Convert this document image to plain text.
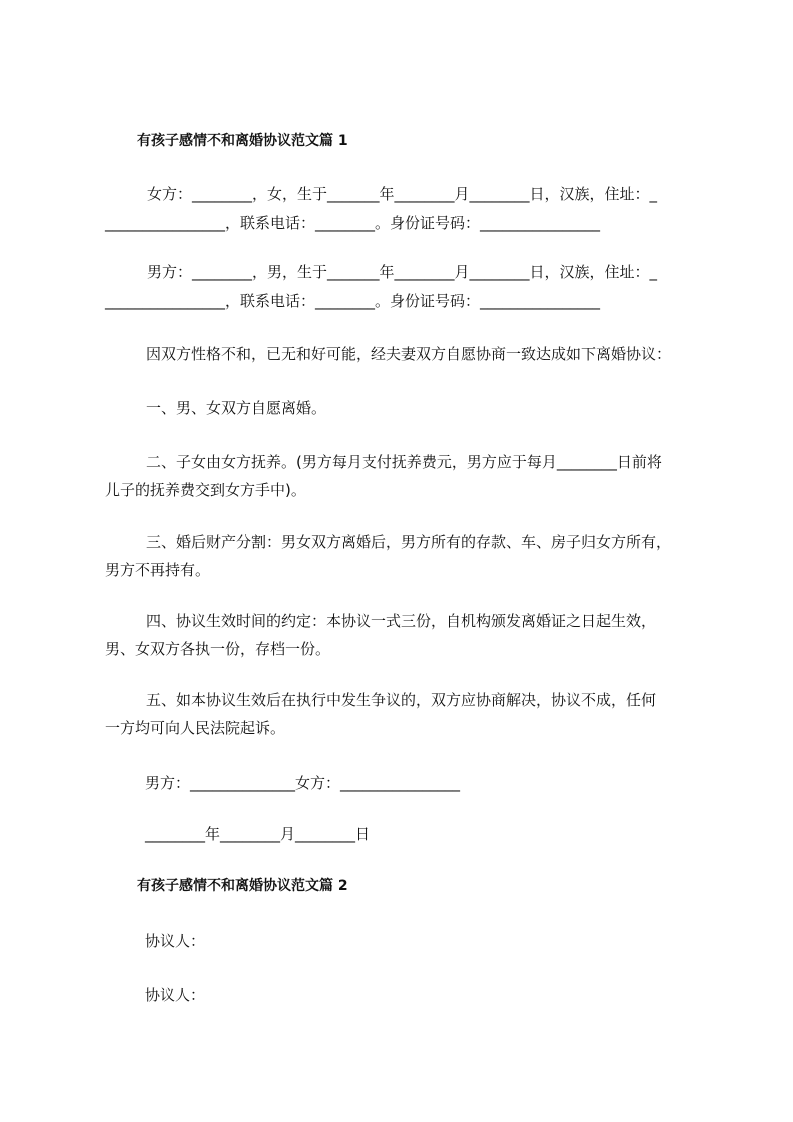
有孩子感情不和离婚协议范文篇 1
女方：________，女，生于_______年________月________日，汉族，住址：_
________________，联系电话：________。身份证号码：________________
男方：________，男，生于_______年________月________日，汉族，住址：_
________________，联系电话：________。身份证号码：________________
因双方性格不和，已无和好可能，经夫妻双方自愿协商一致达成如下离婚协议：
一、男、女双方自愿离婚。
二、子女由女方抚养。(男方每月支付抚养费元，男方应于每月________日前将
儿子的抚养费交到女方手中)。
三、婚后财产分割：男女双方离婚后，男方所有的存款、车、房子归女方所有，
男方不再持有。
四、协议生效时间的约定：本协议一式三份，自机构颁发离婚证之日起生效，
男、女双方各执一份，存档一份。
五、如本协议生效后在执行中发生争议的，双方应协商解决，协议不成，任何
一方均可向人民法院起诉。
男方：______________女方：________________
________年________月________日
有孩子感情不和离婚协议范文篇 2
协议人：
协议人：
